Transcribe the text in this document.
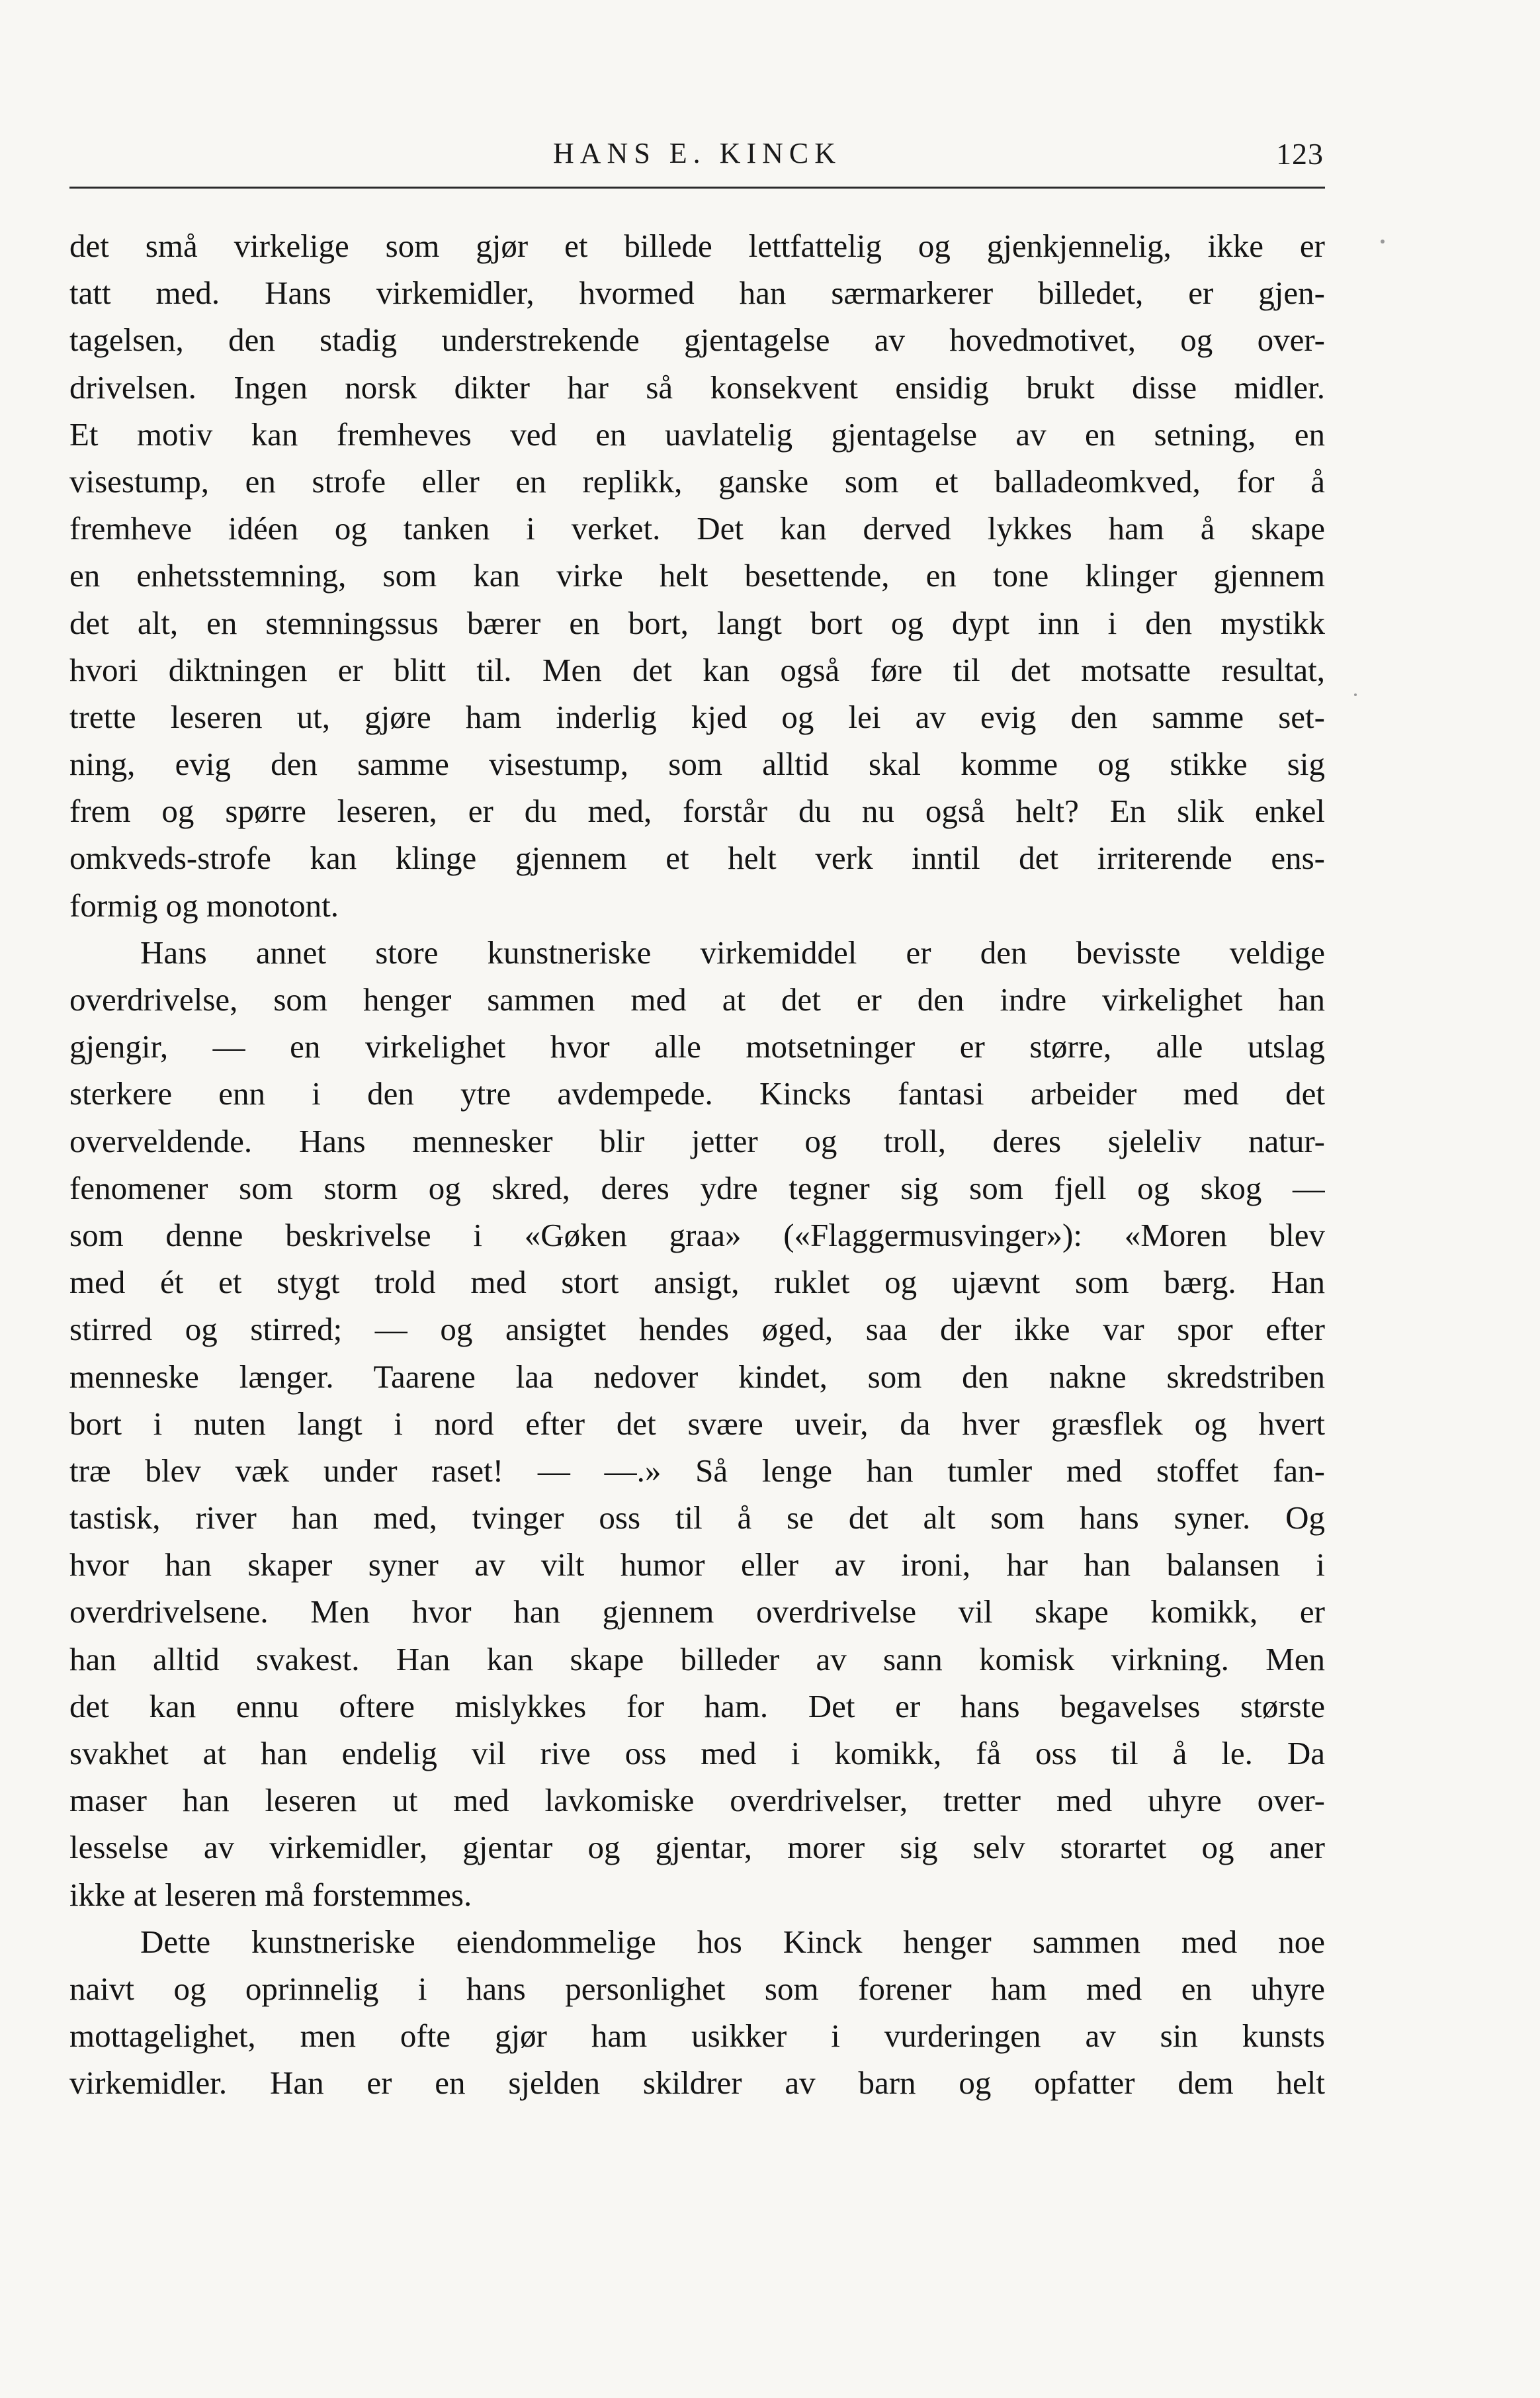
HANS E. KINCK	123
det små virkelige som gjør et billede lettfattelig og gjenkjennelig, ikke er
tatt med. Hans virkemidler, hvormed han særmarkerer billedet, er gjen-
tagelsen, den stadig understrekende gjentagelse av hovedmotivet, og over-
drivelsen. Ingen norsk dikter har så konsekvent ensidig brukt disse midler.
Et motiv kan fremheves ved en uavlatelig gjentagelse av en setning, en
visestump, en strofe eller en replikk, ganske som et balladeomkved, for å
fremheve idéen og tanken i verket. Det kan derved lykkes ham å skape
en enhetsstemning, som kan virke helt besettende, en tone klinger gjennem
det alt, en stemningssus bærer en bort, langt bort og dypt inn i den mystikk
hvori diktningen er blitt til. Men det kan også føre til det motsatte resultat,
trette leseren ut, gjøre ham inderlig kjed og lei av evig den samme set-
ning, evig den samme visestump, som alltid skal komme og stikke sig
frem og spørre leseren, er du med, forstår du nu også helt? En slik enkel
omkveds-strofe kan klinge gjennem et helt verk inntil det irriterende ens-
formig og monotont.
Hans annet store kunstneriske virkemiddel er den bevisste veldige
overdrivelse, som henger sammen med at det er den indre virkelighet han
gjengir, — en virkelighet hvor alle motsetninger er større, alle utslag
sterkere enn i den ytre avdempede. Kincks fantasi arbeider med det
overveldende. Hans mennesker blir jetter og troll, deres sjeleliv natur-
fenomener som storm og skred, deres ydre tegner sig som fjell og skog —
som denne beskrivelse i «Gøken graa» («Flaggermusvinger»): «Moren blev
med ét et stygt trold med stort ansigt, ruklet og ujævnt som bærg. Han
stirred og stirred; — og ansigtet hendes øged, saa der ikke var spor efter
menneske længer. Taarene laa nedover kindet, som den nakne skredstriben
bort i nuten langt i nord efter det svære uveir, da hver græsflek og hvert
træ blev væk under raset! — —.» Så lenge han tumler med stoffet fan-
tastisk, river han med, tvinger oss til å se det alt som hans syner. Og
hvor han skaper syner av vilt humor eller av ironi, har han balansen i
overdrivelsene. Men hvor han gjennem overdrivelse vil skape komikk, er
han alltid svakest. Han kan skape billeder av sann komisk virkning. Men
det kan ennu oftere mislykkes for ham. Det er hans begavelses største
svakhet at han endelig vil rive oss med i komikk, få oss til å le. Da
maser han leseren ut med lavkomiske overdrivelser, tretter med uhyre over-
lesselse av virkemidler, gjentar og gjentar, morer sig selv storartet og aner
ikke at leseren må forstemmes.
Dette kunstneriske eiendommelige hos Kinck henger sammen med noe
naivt og oprinnelig i hans personlighet som forener ham med en uhyre
mottagelighet, men ofte gjør ham usikker i vurderingen av sin kunsts
virkemidler. Han er en sjelden skildrer av barn og opfatter dem helt
